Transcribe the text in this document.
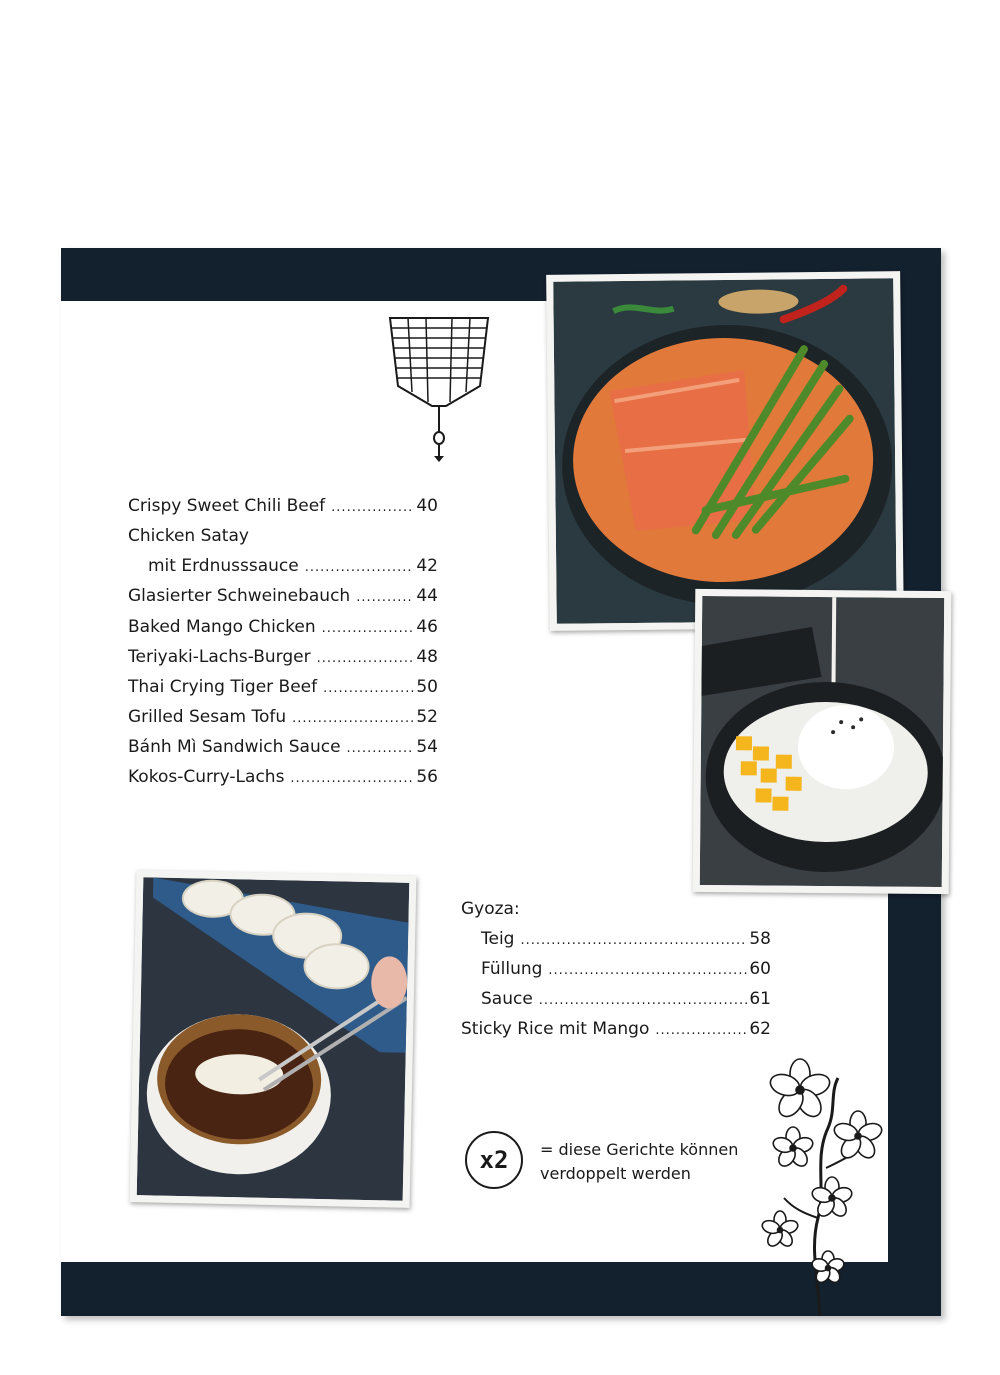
Crispy Sweet Chili Beef .....	40
Chicken Satay
mit Erdnusssauce .....	42
Glasierter Schweinebauch .....	44
Baked Mango Chicken .....	46
Teriyaki-Lachs-Burger .....	48
Thai Crying Tiger Beef .....	50
Grilled Sesam Tofu .....	52
Bánh Mì Sandwich Sauce .....	54
Kokos-Curry-Lachs .....	56
Gyoza:
Teig .....	58
Füllung .....	60
Sauce .....	61
Sticky Rice mit Mango .....	62
x2	= diese Gerichte können
verdoppelt werden
